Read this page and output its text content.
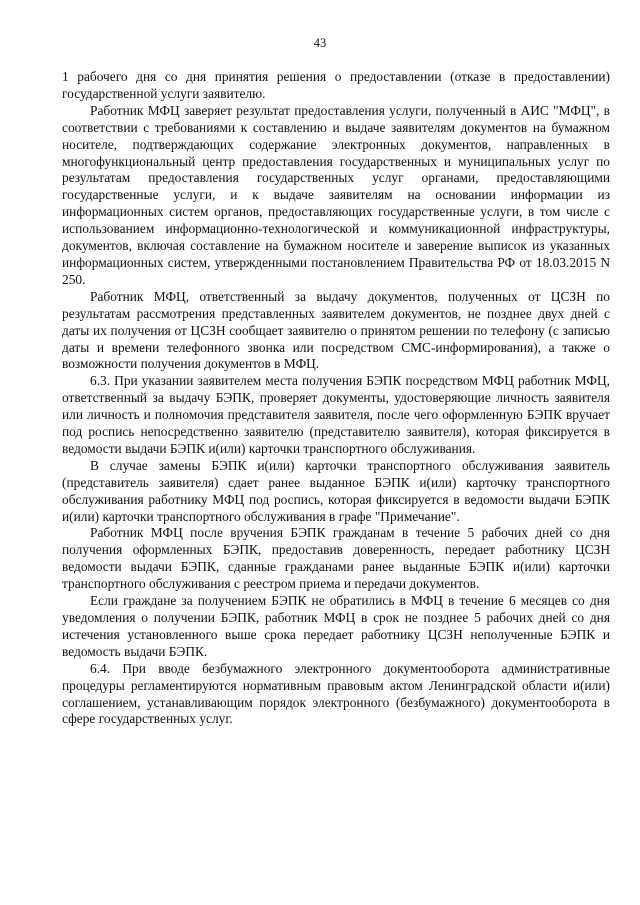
43

1 рабочего дня со дня принятия решения о предоставлении (отказе в предоставлении) государственной услуги заявителю.

Работник МФЦ заверяет результат предоставления услуги, полученный в АИС "МФЦ", в соответствии с требованиями к составлению и выдаче заявителям документов на бумажном носителе, подтверждающих содержание электронных документов, направленных в многофункциональный центр предоставления государственных и муниципальных услуг по результатам предоставления государственных услуг органами, предоставляющими государственные услуги, и к выдаче заявителям на основании информации из информационных систем органов, предоставляющих государственные услуги, в том числе с использованием информационно-технологической и коммуникационной инфраструктуры, документов, включая составление на бумажном носителе и заверение выписок из указанных информационных систем, утвержденными постановлением Правительства РФ от 18.03.2015 N 250.

Работник МФЦ, ответственный за выдачу документов, полученных от ЦСЗН по результатам рассмотрения представленных заявителем документов, не позднее двух дней с даты их получения от ЦСЗН сообщает заявителю о принятом решении по телефону (с записью даты и времени телефонного звонка или посредством СМС-информирования), а также о возможности получения документов в МФЦ.

6.3. При указании заявителем места получения БЭПК посредством МФЦ работник МФЦ, ответственный за выдачу БЭПК, проверяет документы, удостоверяющие личность заявителя или личность и полномочия представителя заявителя, после чего оформленную БЭПК вручает под роспись непосредственно заявителю (представителю заявителя), которая фиксируется в ведомости выдачи БЭПК и(или) карточки транспортного обслуживания.

В случае замены БЭПК и(или) карточки транспортного обслуживания заявитель (представитель заявителя) сдает ранее выданное БЭПК и(или) карточку транспортного обслуживания работнику МФЦ под роспись, которая фиксируется в ведомости выдачи БЭПК и(или) карточки транспортного обслуживания в графе "Примечание".

Работник МФЦ после вручения БЭПК гражданам в течение 5 рабочих дней со дня получения оформленных БЭПК, предоставив доверенность, передает работнику ЦСЗН ведомости выдачи БЭПК, сданные гражданами ранее выданные БЭПК и(или) карточки транспортного обслуживания с реестром приема и передачи документов.

Если граждане за получением БЭПК не обратились в МФЦ в течение 6 месяцев со дня уведомления о получении БЭПК, работник МФЦ в срок не позднее 5 рабочих дней со дня истечения установленного выше срока передает работнику ЦСЗН неполученные БЭПК и ведомость выдачи БЭПК.

6.4. При вводе безбумажного электронного документооборота административные процедуры регламентируются нормативным правовым актом Ленинградской области и(или) соглашением, устанавливающим порядок электронного (безбумажного) документооборота в сфере государственных услуг.
